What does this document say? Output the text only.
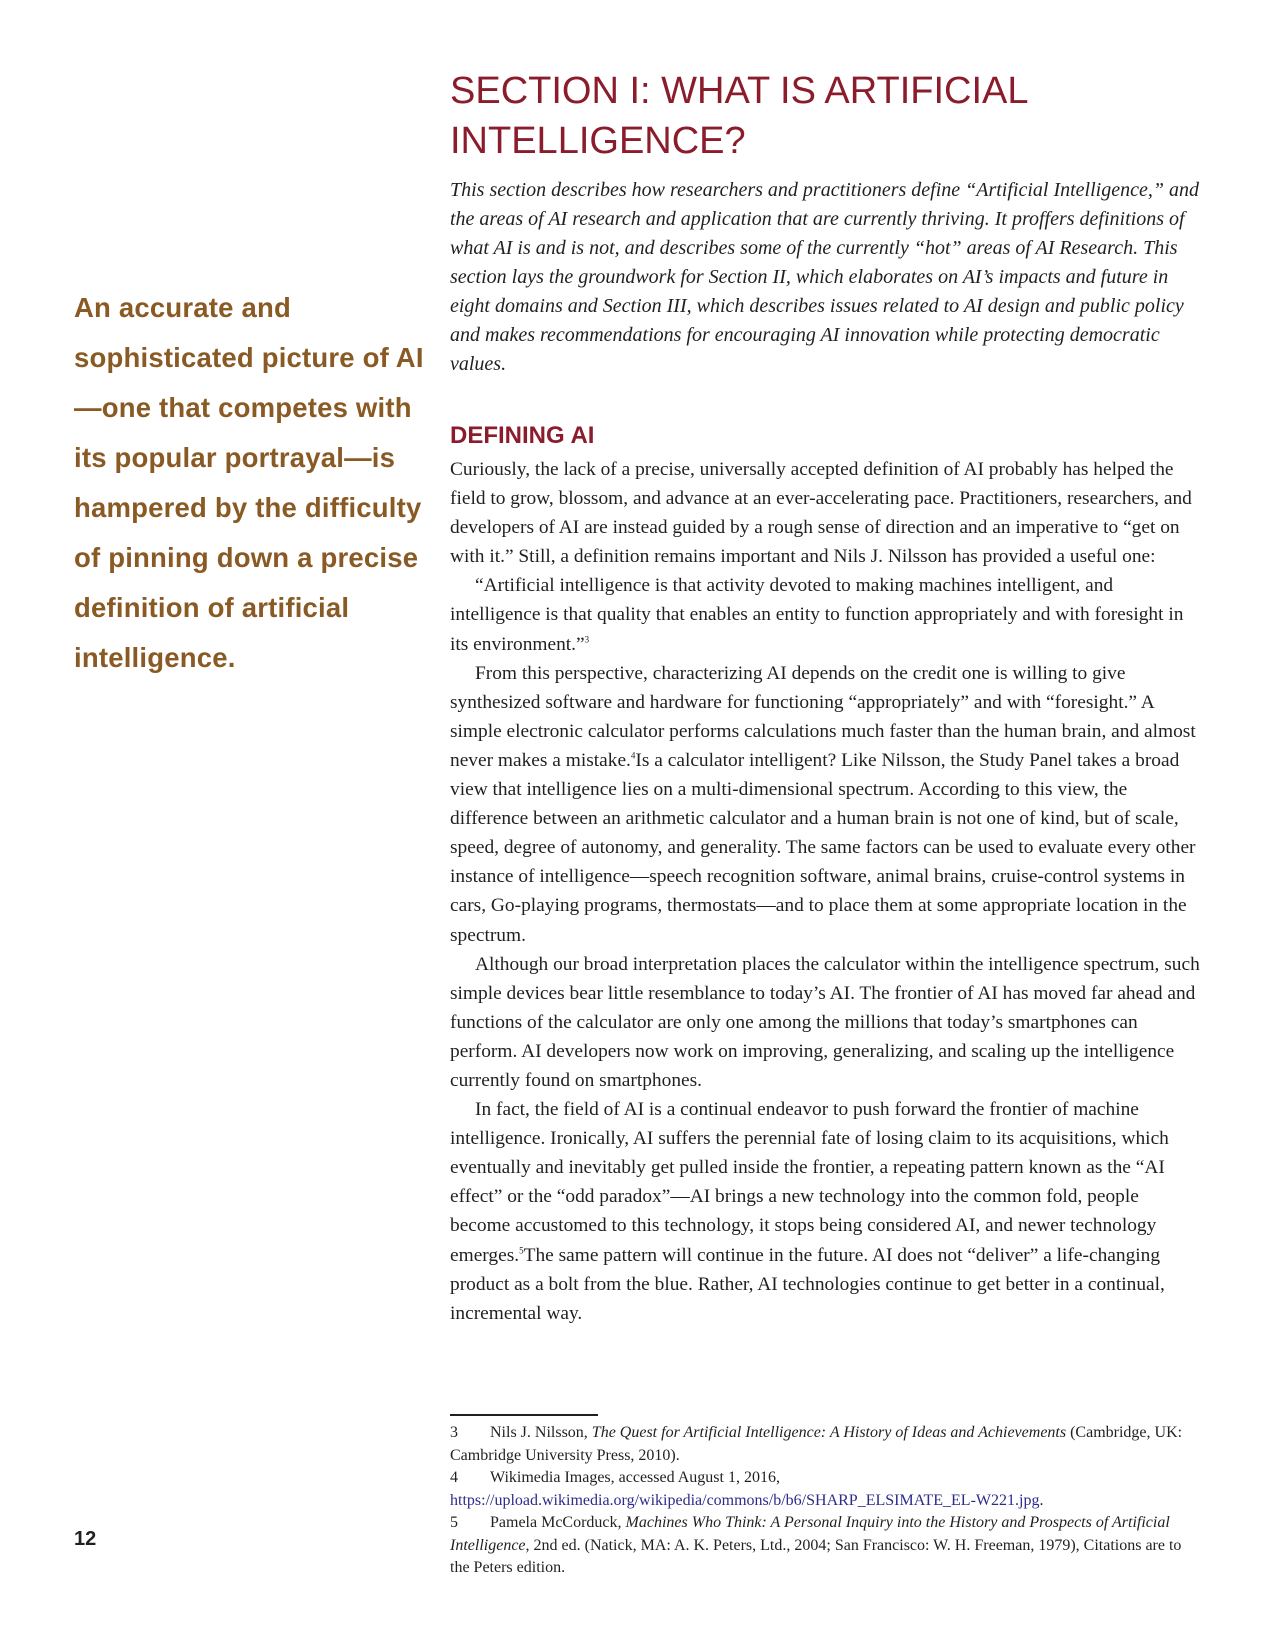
An accurate and sophisticated picture of AI—one that competes with its popular portrayal—is hampered by the difficulty of pinning down a precise definition of artificial intelligence.
SECTION I: WHAT IS ARTIFICIAL
INTELLIGENCE?

This section describes how researchers and practitioners define “Artificial Intelligence,” and the areas of AI research and application that are currently thriving. It proffers definitions of what AI is and is not, and describes some of the currently “hot” areas of AI Research. This section lays the groundwork for Section II, which elaborates on AI’s impacts and future in eight domains and Section III, which describes issues related to AI design and public policy and makes recommendations for encouraging AI innovation while protecting democratic values.

DEFINING AI

Curiously, the lack of a precise, universally accepted definition of AI probably has helped the field to grow, blossom, and advance at an ever-accelerating pace. Practitioners, researchers, and developers of AI are instead guided by a rough sense of direction and an imperative to “get on with it.” Still, a definition remains important and Nils J. Nilsson has provided a useful one:

“Artificial intelligence is that activity devoted to making machines intelligent, and intelligence is that quality that enables an entity to function appropriately and with foresight in its environment.”$^3$

From this perspective, characterizing AI depends on the credit one is willing to give synthesized software and hardware for functioning “appropriately” and with “foresight.” A simple electronic calculator performs calculations much faster than the human brain, and almost never makes a mistake.$^4$Is a calculator intelligent? Like Nilsson, the Study Panel takes a broad view that intelligence lies on a multi-dimensional spectrum. According to this view, the difference between an arithmetic calculator and a human brain is not one of kind, but of scale, speed, degree of autonomy, and generality. The same factors can be used to evaluate every other instance of intelligence—speech recognition software, animal brains, cruise-control systems in cars, Go-playing programs, thermostats—and to place them at some appropriate location in the spectrum.

Although our broad interpretation places the calculator within the intelligence spectrum, such simple devices bear little resemblance to today’s AI. The frontier of AI has moved far ahead and functions of the calculator are only one among the millions that today’s smartphones can perform. AI developers now work on improving, generalizing, and scaling up the intelligence currently found on smartphones.

In fact, the field of AI is a continual endeavor to push forward the frontier of machine intelligence. Ironically, AI suffers the perennial fate of losing claim to its acquisitions, which eventually and inevitably get pulled inside the frontier, a repeating pattern known as the “AI effect” or the “odd paradox”—AI brings a new technology into the common fold, people become accustomed to this technology, it stops being considered AI, and newer technology emerges.$^5$The same pattern will continue in the future. AI does not “deliver” a life-changing product as a bolt from the blue. Rather, AI technologies continue to get better in a continual, incremental way.

3 Nils J. Nilsson, The Quest for Artificial Intelligence: A History of Ideas and Achievements (Cambridge, UK: Cambridge University Press, 2010).

4 Wikimedia Images, accessed August 1, 2016, https://upload.wikimedia.org/wikipedia/commons/b/b6/SHARP_ELSIMATE_EL-W221.jpg.

5 Pamela McCorduck, Machines Who Think: A Personal Inquiry into the History and Prospects of Artificial Intelligence, 2nd ed. (Natick, MA: A. K. Peters, Ltd., 2004; San Francisco: W. H. Freeman, 1979), Citations are to the Peters edition.

12
